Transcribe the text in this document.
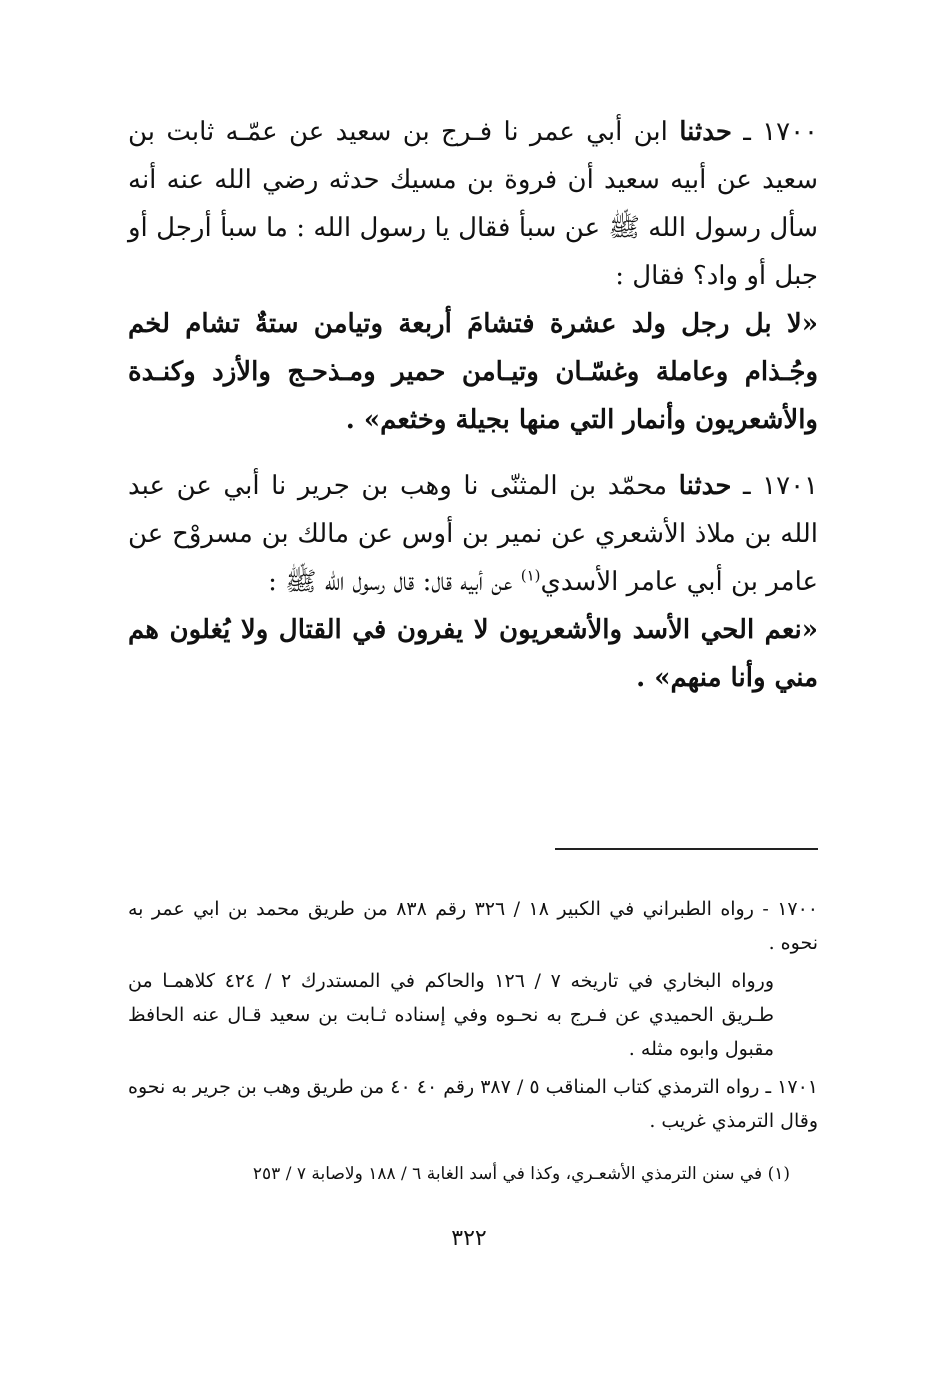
١٧٠٠ ـ حدثنا ابن أبي عمر نا فـرج بن سعيد عن عمّـه ثابت بن سعيد عن أبيه سعيد أن فروة بن مسيك حدثه رضي الله عنه أنه سأل رسول الله ﷺ عن سبأ فقال يا رسول الله : ما سبأ أرجل أو جبل أو واد؟ فقال :

«لا بل رجل ولد عشرة فتشامَ أربعة وتيامن ستةٌ تشام لخم وجُـذام وعاملة وغسّـان وتيـامن حمير ومـذحـج والأزد وكنـدة والأشعريون وأنمار التي منها بجيلة وخثعم» .

١٧٠١ ـ حدثنا محمّد بن المثنّى نا وهب بن جرير نا أبي عن عبد الله بن ملاذ الأشعري عن نمير بن أوس عن مالك بن مسروْح عن عامر بن أبي عامر الأسدي$^{(١)}$ عن أبيه قال: قال رسول الله ﷺ :

«نعم الحي الأسد والأشعريون لا يفرون في القتال ولا يُغلون هم مني وأنا منهم» .

١٧٠٠ - رواه الطبراني في الكبير ١٨ / ٣٢٦ رقم ٨٣٨ من طريق محمد بن ابي عمر به نحوه .

ورواه البخاري في تاريخه ٧ / ١٢٦ والحاكم في المستدرك ٢ / ٤٢٤ كلاهمـا من طـريق الحميدي عن فـرج به نحـوه وفي إسناده ثـابت بن سعيد قـال عنه الحافظ مقبول وابوه مثله .

١٧٠١ ـ رواه الترمذي كتاب المناقب ٥ / ٣٨٧ رقم ٤٠ ٤٠ من طريق وهب بن جرير به نحوه وقال الترمذي غريب .

(١) في سنن الترمذي الأشعـري، وكذا في أسد الغابة ٦ / ١٨٨ ولاصابة ٧ / ٢٥٣
٣٢٢
